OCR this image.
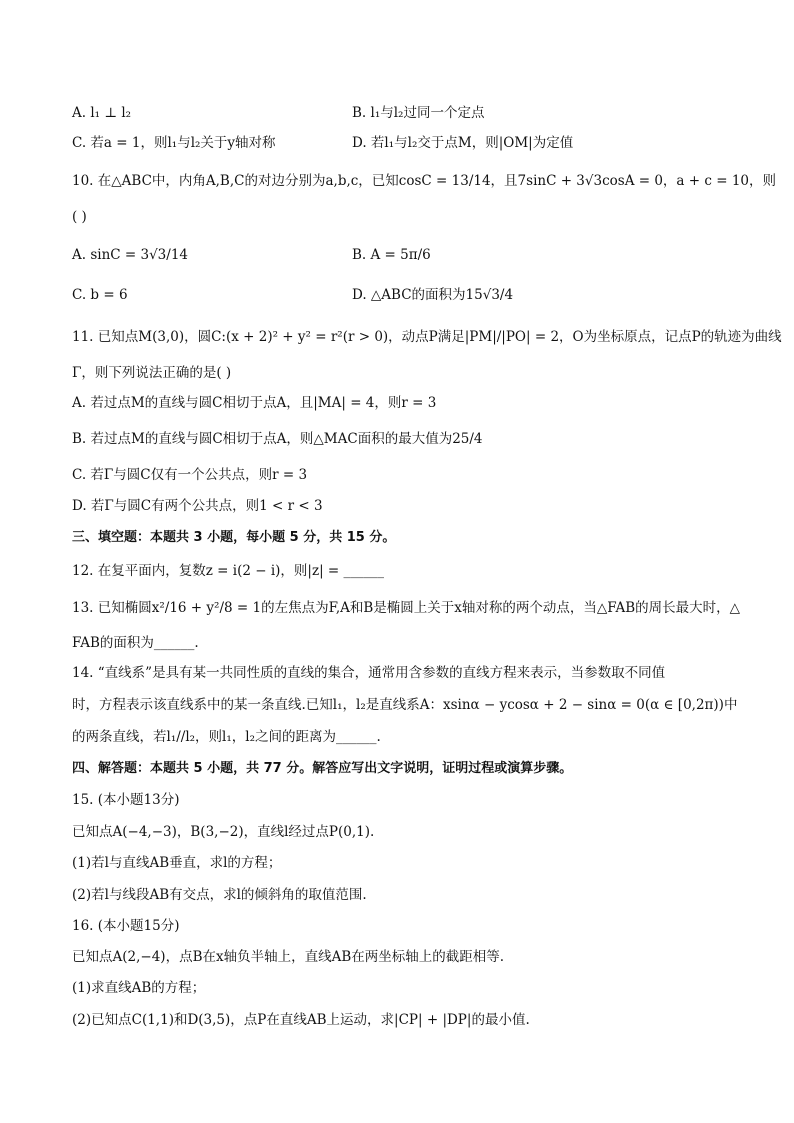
A. l₁ ⊥ l₂	B. l₁与l₂过同一个定点
C. 若a = 1，则l₁与l₂关于y轴对称	D. 若l₁与l₂交于点M，则|OM|为定值
10. 在△ABC中，内角A,B,C的对边分别为a,b,c，已知cosC = 13/14，且7sinC + 3√3cosA = 0，a + c = 10，则
( )
A. sinC = 3√3/14	B. A = 5π/6
C. b = 6	D. △ABC的面积为15√3/4
11. 已知点M(3,0)，圆C:(x + 2)² + y² = r²(r > 0)，动点P满足|PM|/|PO| = 2，O为坐标原点，记点P的轨迹为曲线
Γ，则下列说法正确的是( )
A. 若过点M的直线与圆C相切于点A，且|MA| = 4，则r = 3
B. 若过点M的直线与圆C相切于点A，则△MAC面积的最大值为25/4
C. 若Γ与圆C仅有一个公共点，则r = 3
D. 若Γ与圆C有两个公共点，则1 < r < 3
三、填空题：本题共 3 小题，每小题 5 分，共 15 分。
12. 在复平面内，复数z = i(2 − i)，则|z| = ______
13. 已知椭圆x²/16 + y²/8 = 1的左焦点为F,A和B是椭圆上关于x轴对称的两个动点，当△FAB的周长最大时，△
FAB的面积为______.
14. “直线系”是具有某一共同性质的直线的集合，通常用含参数的直线方程来表示，当参数取不同值
时，方程表示该直线系中的某一条直线.已知l₁，l₂是直线系A：xsinα − ycosα + 2 − sinα = 0(α ∈ [0,2π))中
的两条直线，若l₁//l₂，则l₁，l₂之间的距离为______.
四、解答题：本题共 5 小题，共 77 分。解答应写出文字说明，证明过程或演算步骤。
15. (本小题13分)
已知点A(−4,−3)，B(3,−2)，直线l经过点P(0,1).
(1)若l与直线AB垂直，求l的方程；
(2)若l与线段AB有交点，求l的倾斜角的取值范围.
16. (本小题15分)
已知点A(2,−4)，点B在x轴负半轴上，直线AB在两坐标轴上的截距相等.
(1)求直线AB的方程；
(2)已知点C(1,1)和D(3,5)，点P在直线AB上运动，求|CP| + |DP|的最小值.
